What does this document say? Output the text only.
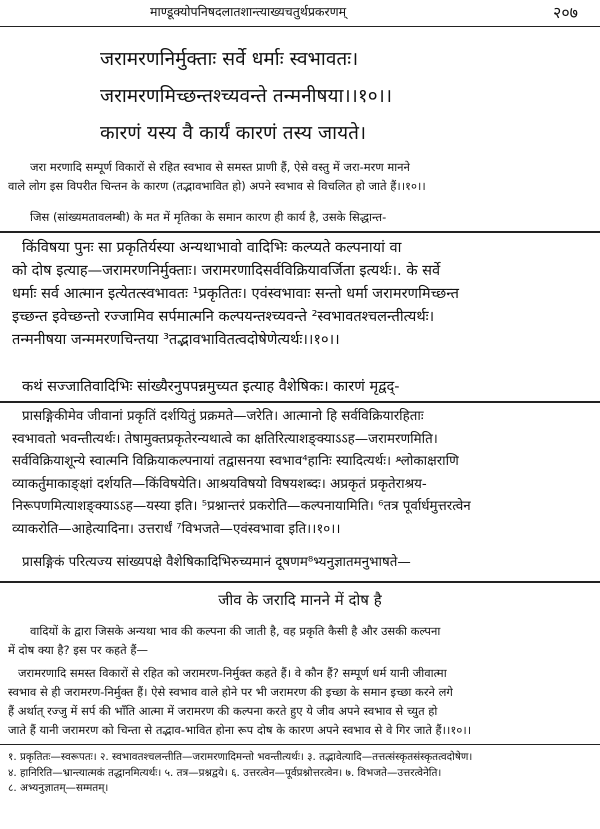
माण्डूक्योपनिषदलातशान्त्याख्यचतुर्थप्रकरणम्	२०७
जरामरणनिर्मुक्ताः सर्वे धर्माः स्वभावतः।
जरामरणमिच्छन्तश्च्यवन्ते तन्मनीषया।।१०।।
कारणं यस्य वै कार्यं कारणं तस्य जायते।
जरा मरणादि सम्पूर्ण विकारों से रहित स्वभाव से समस्त प्राणी हैं, ऐसे वस्तु में जरा-मरण मानने
वाले लोग इस विपरीत चिन्तन के कारण (तद्भावभावित हो) अपने स्वभाव से विचलित हो जाते हैं।।१०।।
जिस (सांख्यमतावलम्बी) के मत में मृतिका के समान कारण ही कार्य है, उसके सिद्धान्त-
किंविषया पुनः सा प्रकृतिर्यस्या अन्यथाभावो वादिभिः कल्प्यते कल्पनायां वा
को दोष इत्याह—जरामरणनिर्मुक्ताः। जरामरणादिसर्वविक्रियावर्जिता इत्यर्थः।. के सर्वे
धर्माः सर्व आत्मान इत्येतत्स्वभावतः ¹प्रकृतितः। एवंस्वभावाः सन्तो धर्मा जरामरणमिच्छन्त
इच्छन्त इवेच्छन्तो रज्जामिव सर्पमात्मनि कल्पयन्तश्च्यवन्ते ²स्वभावतश्चलन्तीत्यर्थः।
तन्मनीषया जन्ममरणचिन्तया ³तद्भावभावितत्वदोषेणेत्यर्थः।।१०।।
कथं सज्जातिवादिभिः सांख्यैरनुपपन्नमुच्यत इत्याह वैशेषिकः। कारणं मृद्वद्-
प्रासङ्गिकीमेव जीवानां प्रकृतिं दर्शयितुं प्रक्रमते—जरेति। आत्मानो हि सर्वविक्रियारहिताः
स्वभावतो भवन्तीत्यर्थः। तेषामुक्तप्रकृतेरन्यथात्वे का क्षतिरित्याशङ्क्याऽऽह—जरामरणमिति।
सर्वविक्रियाशून्ये स्वात्मनि विक्रियाकल्पनायां तद्वासनया स्वभाव⁴हानिः स्यादित्यर्थः। श्लोकाक्षराणि
व्याकर्तुमाकाङ्क्षां दर्शयति—किंविषयेति। आश्रयविषयो विषयशब्दः। अप्रकृतं प्रकृतेराश्रय-
निरूपणमित्याशङ्क्याऽऽह—यस्या इति। ⁵प्रश्नान्तरं प्रकरोति—कल्पनायामिति। ⁶तत्र पूर्वार्धमुत्तरत्वेन
व्याकरोति—आहेत्यादिना। उत्तरार्धं ⁷विभजते—एवंस्वभावा इति।।१०।।
प्रासङ्गिकं परित्यज्य सांख्यपक्षे वैशेषिकादिभिरुच्यमानं दूषणम⁸भ्यनुज्ञातमनुभाषते—
जीव के जरादि मानने में दोष है
वादियों के द्वारा जिसके अन्यथा भाव की कल्पना की जाती है, वह प्रकृति कैसी है और उसकी कल्पना
में दोष क्या है? इस पर कहते हैं—
जरामरणादि समस्त विकारों से रहित को जरामरण-निर्मुक्त कहते हैं। वे कौन हैं? सम्पूर्ण धर्म यानी जीवात्मा
स्वभाव से ही जरामरण-निर्मुक्त हैं। ऐसे स्वभाव वाले होने पर भी जरामरण की इच्छा के समान इच्छा करने लगे
हैं अर्थात् रज्जु में सर्प की भाँति आत्मा में जरामरण की कल्पना करते हुए ये जीव अपने स्वभाव से च्युत हो
जाते हैं यानी जरामरण को चिन्ता से तद्भाव-भावित होना रूप दोष के कारण अपने स्वभाव से वे गिर जाते हैं।।१०।।
१. प्रकृतितः—स्वरूपतः। २. स्वभावतश्चलन्तीति—जरामरणादिमन्तो भवन्तीत्यर्थः। ३. तद्भावेत्यादि—तत्तत्संस्कृतसंस्कृतत्वदोषेण।
४. हानिरिति—भ्रान्त्यात्मकं तद्धानमित्यर्थः। ५. तत्र—प्रश्नद्वये। ६. उत्तरत्वेन—पूर्वप्रश्नोत्तरत्वेन। ७. विभजते—उत्तरत्वेनेति।
८. अभ्यनुज्ञातम्—सम्मतम्।
